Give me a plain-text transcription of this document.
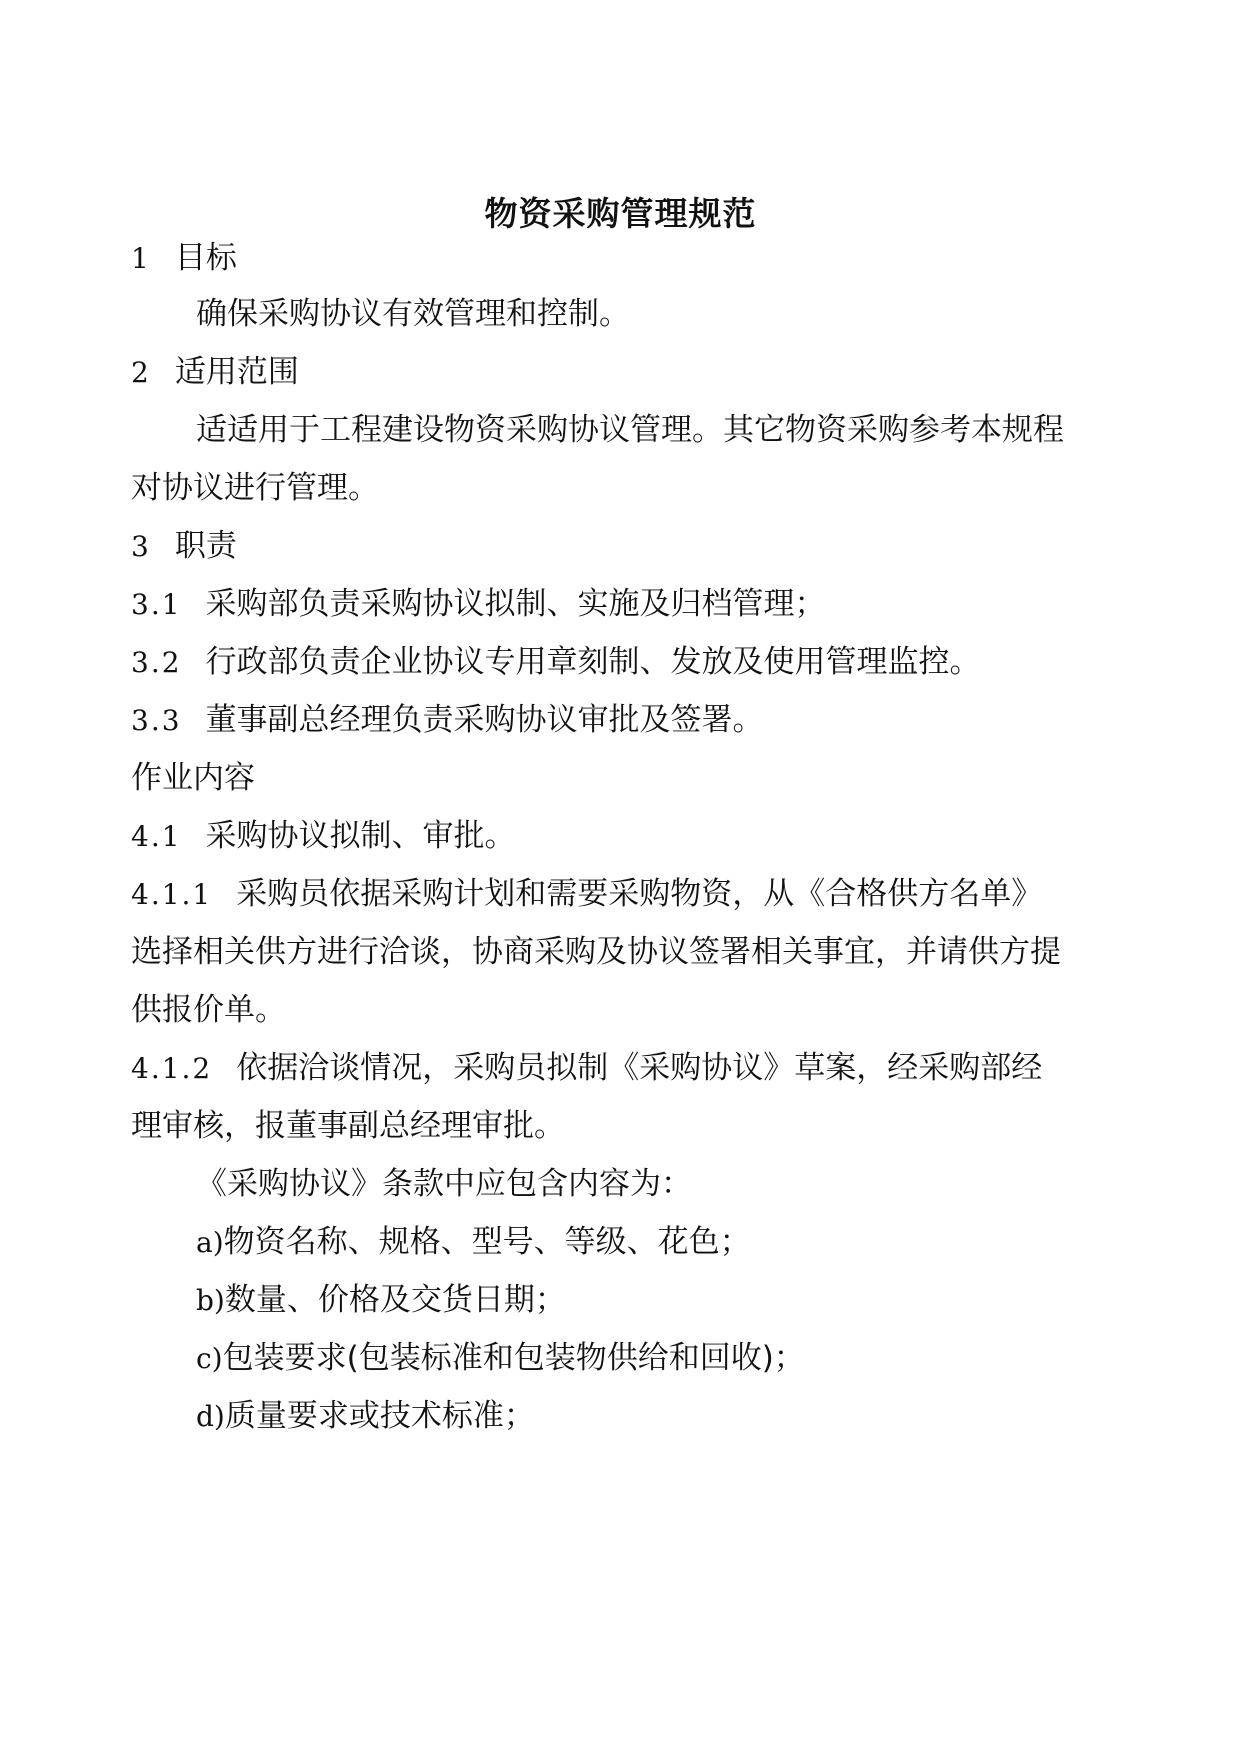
物资采购管理规范
1 目标
确保采购协议有效管理和控制。
2 适用范围
适适用于工程建设物资采购协议管理。其它物资采购参考本规程
对协议进行管理。
3 职责
3.1 采购部负责采购协议拟制、实施及归档管理；
3.2 行政部负责企业协议专用章刻制、发放及使用管理监控。
3.3 董事副总经理负责采购协议审批及签署。
作业内容
4.1 采购协议拟制、审批。
4.1.1 采购员依据采购计划和需要采购物资，从《合格供方名单》
选择相关供方进行洽谈，协商采购及协议签署相关事宜，并请供方提
供报价单。
4.1.2 依据洽谈情况，采购员拟制《采购协议》草案，经采购部经
理审核，报董事副总经理审批。
《采购协议》条款中应包含内容为：
a)物资名称、规格、型号、等级、花色；
b)数量、价格及交货日期；
c)包装要求(包装标准和包装物供给和回收)；
d)质量要求或技术标准；
